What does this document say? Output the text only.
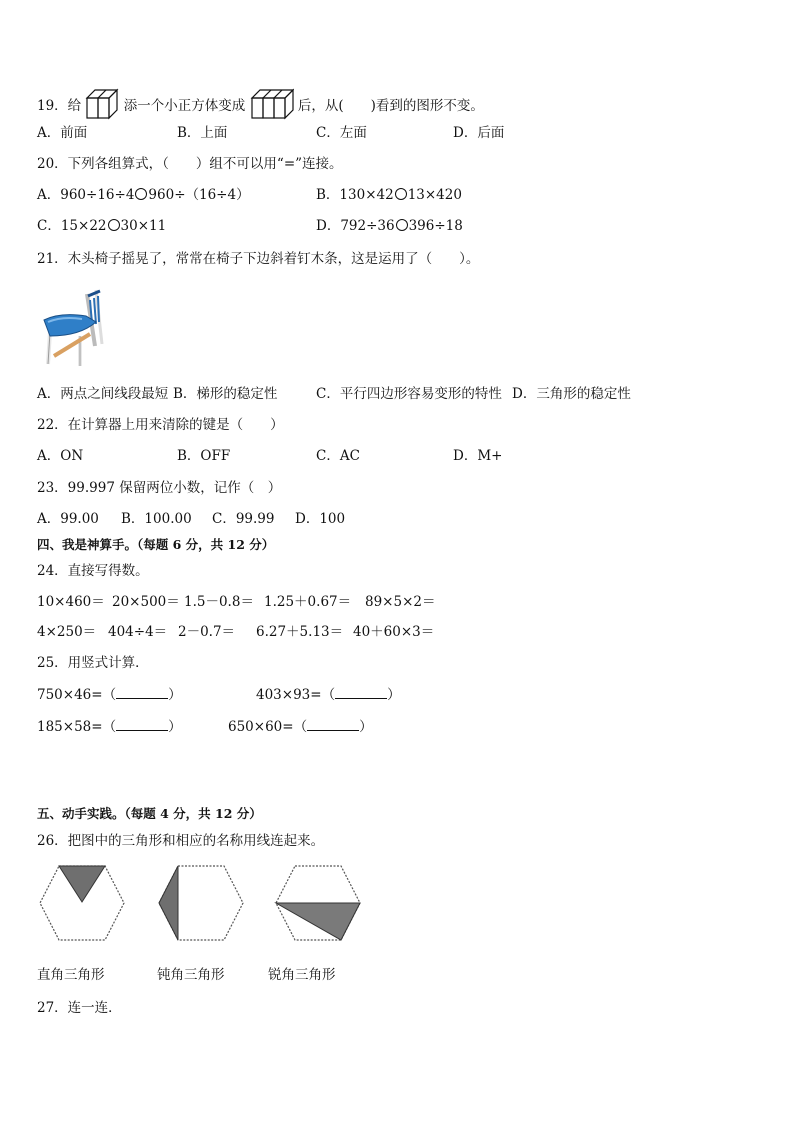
19．给	添一个小正方体变成	后，从(　　)看到的图形不变。
A．前面	B．上面	C．左面	D．后面
20．下列各组算式，（　　）组不可以用“=”连接。
A．960÷16÷4 960÷（16÷4）	B．130×42 13×420
C．15×22 30×11	D．792÷36 396÷18
21．木头椅子摇晃了，常常在椅子下边斜着钉木条，这是运用了（　　）。
A．两点之间线段最短 B．梯形的稳定性	C．平行四边形容易变形的特性 D．三角形的稳定性
22．在计算器上用来清除的键是（　　）
A．ON	B．OFF	C．AC	D．M+
23．99.997 保留两位小数，记作（　）
A．99.00 B．100.00 C．99.99 D．100
四、我是神算手。（每题 6 分，共 12 分）
24．直接写得数。
10×460＝ 20×500＝ 1.5－0.8＝ 1.25＋0.67＝ 89×5×2＝
4×250＝ 404÷4＝ 2－0.7＝ 6.27＋5.13＝ 40＋60×3＝
25．用竖式计算．
750×46=（	）	403×93=（	）
185×58=（	）	650×60=（	）
五、动手实践。（每题 4 分，共 12 分）
26．把图中的三角形和相应的名称用线连起来。
直角三角形	钝角三角形	锐角三角形
27．连一连．
